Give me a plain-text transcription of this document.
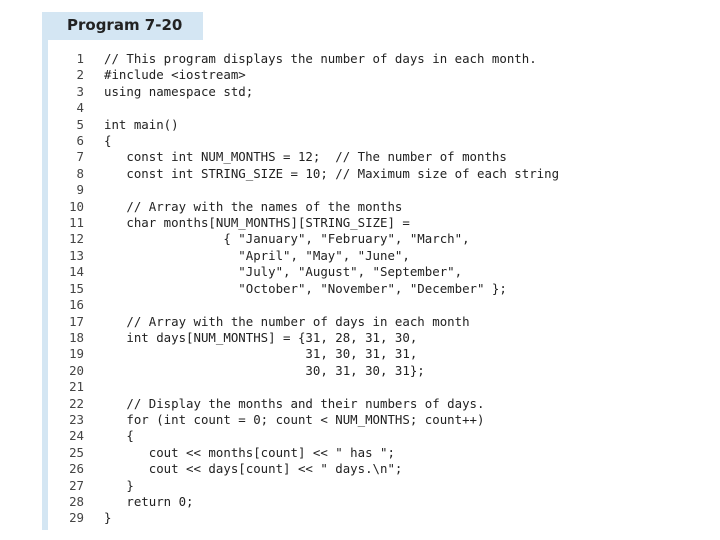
Program 7-20
1 // This program displays the number of days in each month.
2 #include <iostream>
3 using namespace std;
4
5 int main()
6 {
7 const int NUM_MONTHS = 12;  // The number of months
8 const int STRING_SIZE = 10; // Maximum size of each string
9
10 // Array with the names of the months
11 char months[NUM_MONTHS][STRING_SIZE] =
12 { "January", "February", "March",
13 "April", "May", "June",
14 "July", "August", "September",
15 "October", "November", "December" };
16
17 // Array with the number of days in each month
18 int days[NUM_MONTHS] = {31, 28, 31, 30,
19 31, 30, 31, 31,
20 30, 31, 30, 31};
21
22 // Display the months and their numbers of days.
23 for (int count = 0; count < NUM_MONTHS; count++)
24 {
25 cout << months[count] << " has ";
26 cout << days[count] << " days.\n";
27 }
28 return 0;
29 }
